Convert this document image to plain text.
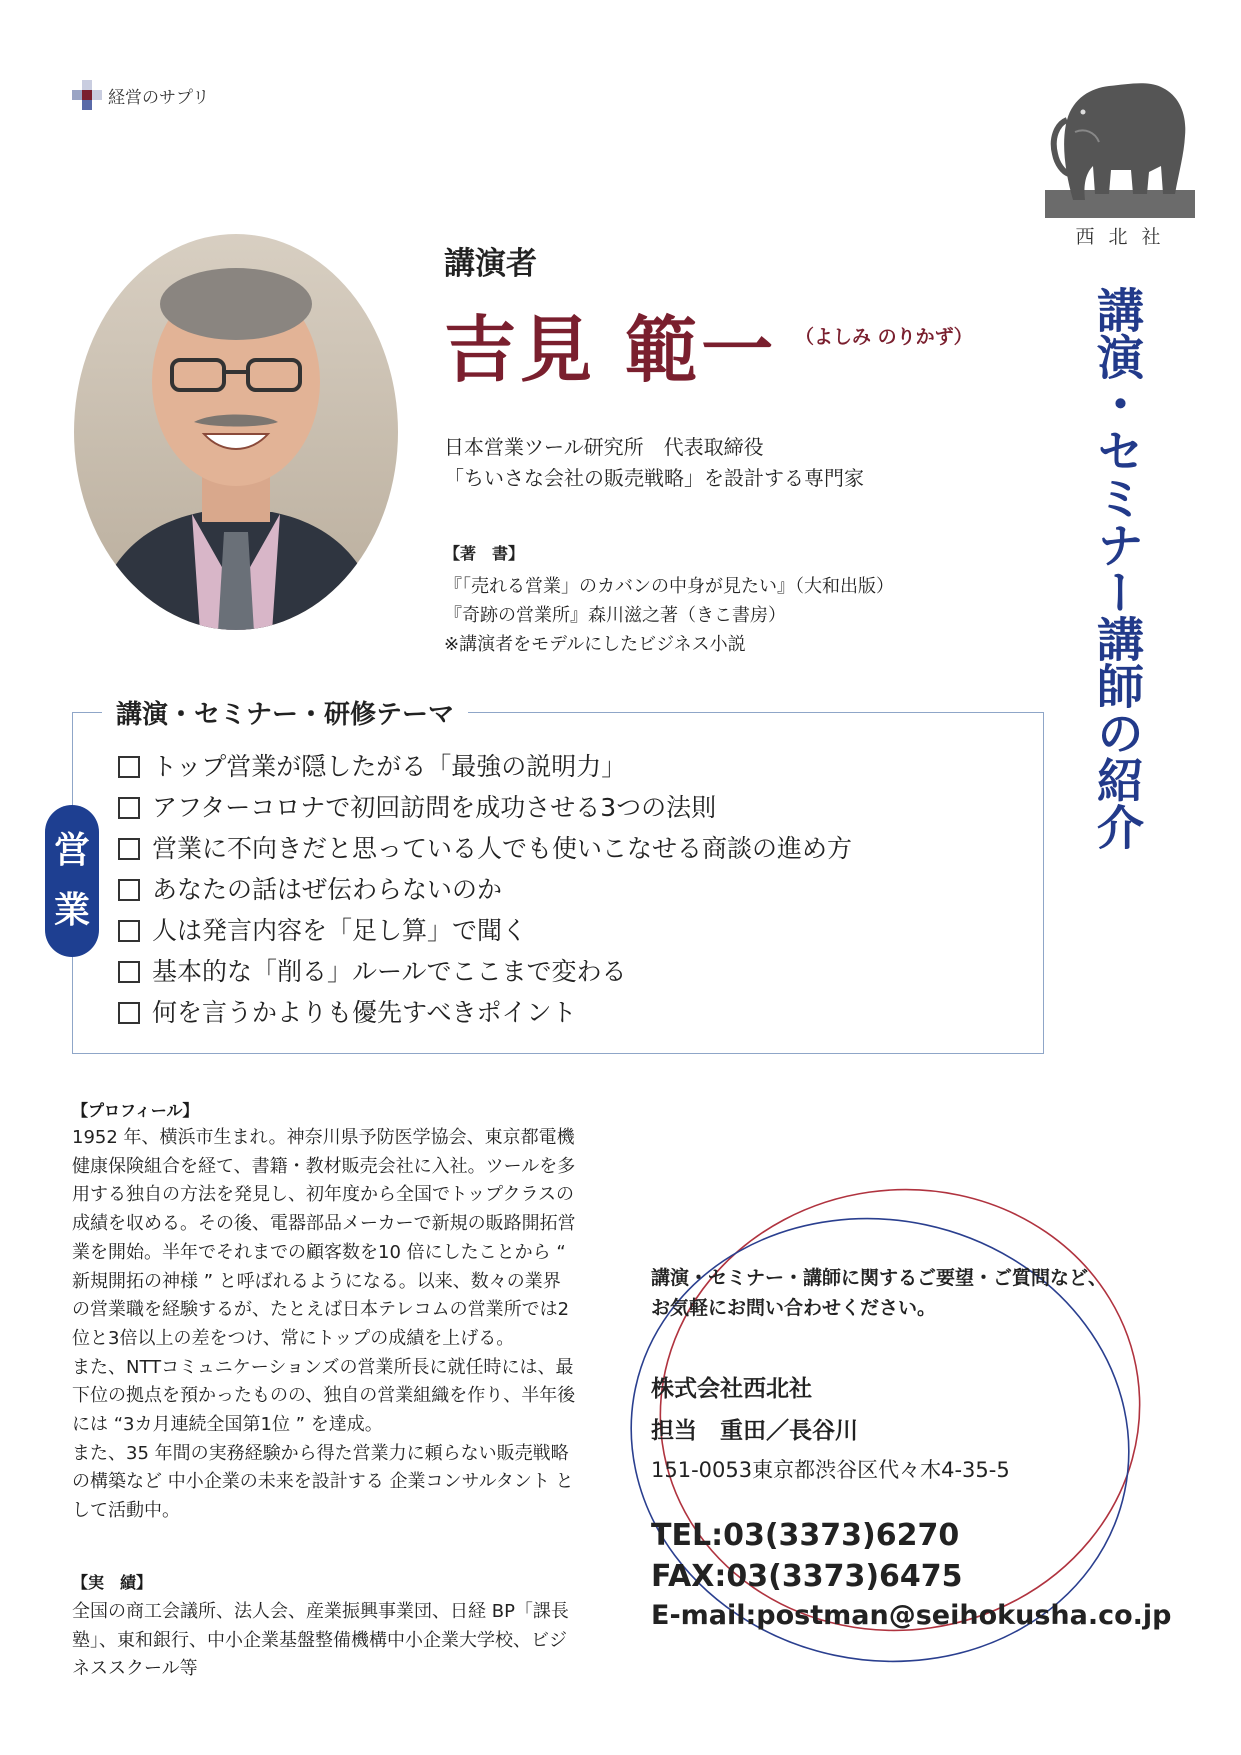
経営のサプリ
西北社
講演者
吉見 範一 （よしみ のりかず）
日本営業ツール研究所　代表取締役
「ちいさな会社の販売戦略」を設計する専門家
【著　書】
『「売れる営業」のカバンの中身が見たい』（大和出版）
『奇跡の営業所』森川滋之著（きこ書房）
※講演者をモデルにしたビジネス小説	講演・セミナー講師の紹介
講演・セミナー・研修テーマ
営
業
トップ営業が隠したがる「最強の説明力」
アフターコロナで初回訪問を成功させる3つの法則
営業に不向きだと思っている人でも使いこなせる商談の進め方
あなたの話はぜ伝わらないのか
人は発言内容を「足し算」で聞く
基本的な「削る」ルールでここまで変わる
何を言うかよりも優先すべきポイント
【プロフィール】

1952 年、横浜市生まれ。神奈川県予防医学協会、東京都電機健康保険組合を経て、書籍・教材販売会社に入社。ツールを多用する独自の方法を発見し、初年度から全国でトップクラスの成績を収める。その後、電器部品メーカーで新規の販路開拓営業を開始。半年でそれまでの顧客数を10 倍にしたことから “ 新規開拓の神様 ” と呼ばれるようになる。以来、数々の業界の営業職を経験するが、たとえば日本テレコムの営業所では2位と3倍以上の差をつけ、常にトップの成績を上げる。

また、NTTコミュニケーションズの営業所長に就任時には、最下位の拠点を預かったものの、独自の営業組織を作り、半年後には “3カ月連続全国第1位 ” を達成。

また、35 年間の実務経験から得た営業力に頼らない販売戦略の構築など 中小企業の未来を設計する 企業コンサルタント として活動中。

【実　績】
全国の商工会議所、法人会、産業振興事業団、日経 BP「課長塾」、東和銀行、中小企業基盤整備機構中小企業大学校、ビジネススクール等
講演・セミナー・講師に関するご要望・ご質問など、
お気軽にお問い合わせください。
株式会社西北社
担当　重田／長谷川
151-0053東京都渋谷区代々木4-35-5
TEL:03(3373)6270
FAX:03(3373)6475
E-mail:postman@seihokusha.co.jp
